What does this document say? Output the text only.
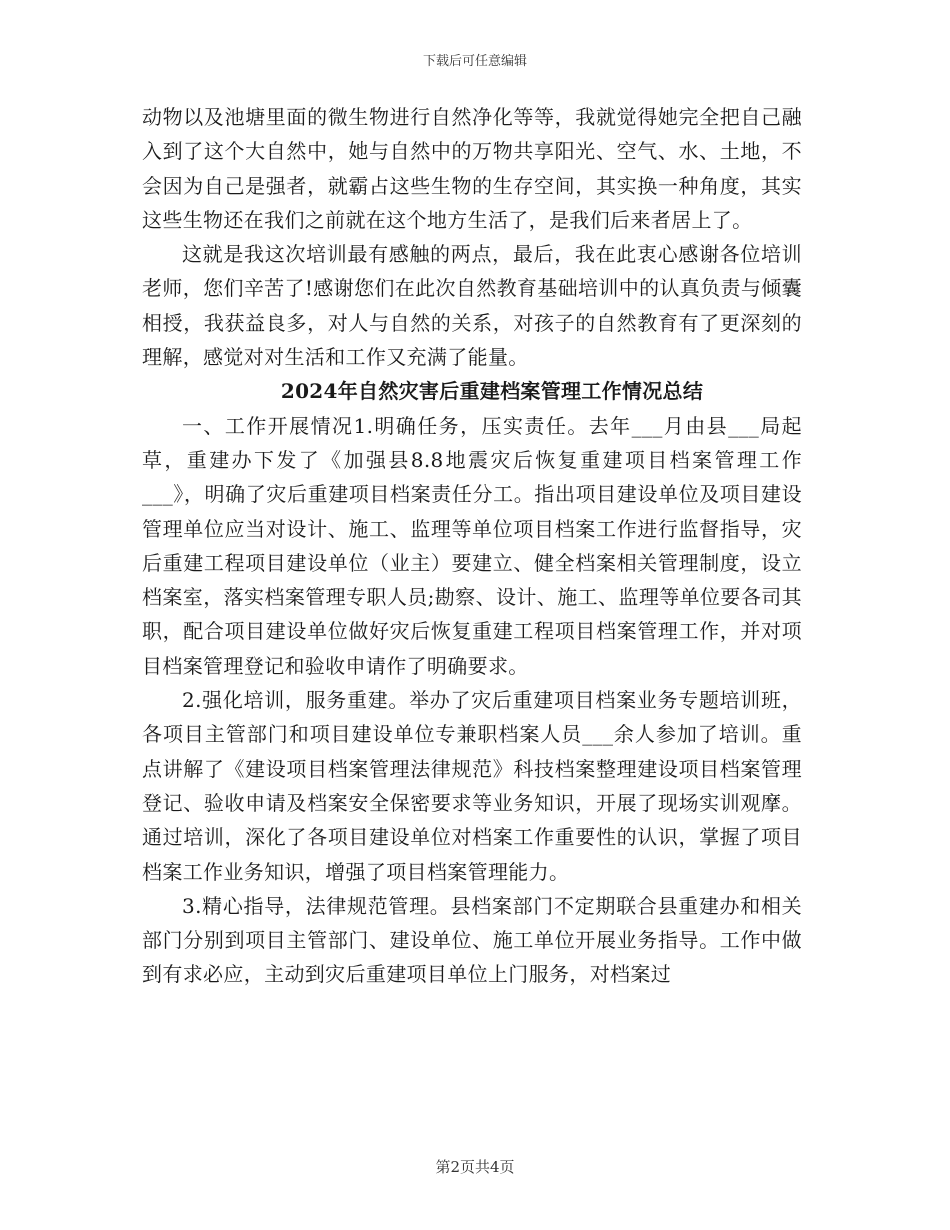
下载后可任意编辑

动物以及池塘里面的微生物进行自然净化等等，我就觉得她完全把自己融入到了这个大自然中，她与自然中的万物共享阳光、空气、水、土地，不会因为自己是强者，就霸占这些生物的生存空间，其实换一种角度，其实这些生物还在我们之前就在这个地方生活了，是我们后来者居上了。

这就是我这次培训最有感触的两点，最后，我在此衷心感谢各位培训老师，您们辛苦了!感谢您们在此次自然教育基础培训中的认真负责与倾囊相授，我获益良多，对人与自然的关系，对孩子的自然教育有了更深刻的理解，感觉对对生活和工作又充满了能量。

2024年自然灾害后重建档案管理工作情况总结

一、工作开展情况1.明确任务，压实责任。去年___月由县___局起草，重建办下发了《加强县8.8地震灾后恢复重建项目档案管理工作___》，明确了灾后重建项目档案责任分工。指出项目建设单位及项目建设管理单位应当对设计、施工、监理等单位项目档案工作进行监督指导，灾后重建工程项目建设单位（业主）要建立、健全档案相关管理制度，设立档案室，落实档案管理专职人员;勘察、设计、施工、监理等单位要各司其职，配合项目建设单位做好灾后恢复重建工程项目档案管理工作，并对项目档案管理登记和验收申请作了明确要求。

2.强化培训，服务重建。举办了灾后重建项目档案业务专题培训班，各项目主管部门和项目建设单位专兼职档案人员___余人参加了培训。重点讲解了《建设项目档案管理法律规范》科技档案整理建设项目档案管理登记、验收申请及档案安全保密要求等业务知识，开展了现场实训观摩。通过培训，深化了各项目建设单位对档案工作重要性的认识，掌握了项目档案工作业务知识，增强了项目档案管理能力。

3.精心指导，法律规范管理。县档案部门不定期联合县重建办和相关部门分别到项目主管部门、建设单位、施工单位开展业务指导。工作中做到有求必应，主动到灾后重建项目单位上门服务，对档案过

第2页共4页
